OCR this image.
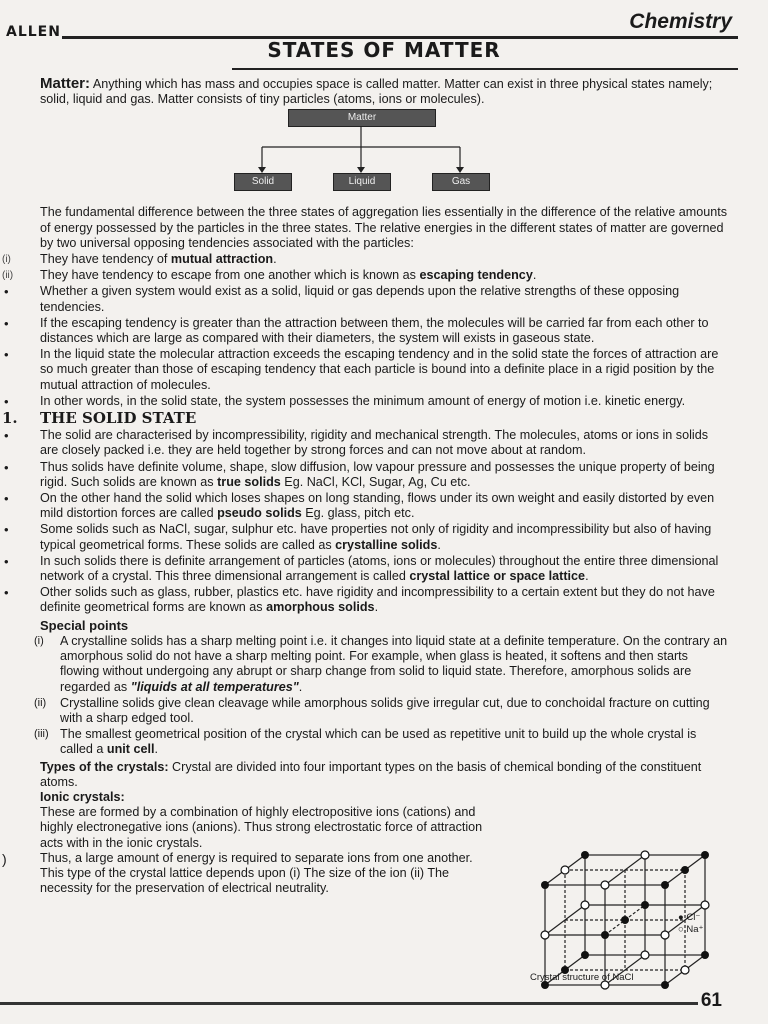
ALLEN	Chemistry
STATES OF MATTER

Matter: Anything which has mass and occupies space is called matter. Matter can exist in three physical states namely; solid, liquid and gas. Matter consists of tiny particles (atoms, ions or molecules).

Matter
Solid	Liquid	Gas

The fundamental difference between the three states of aggregation lies essentially in the difference of the relative amounts of energy possessed by the particles in the three states. The relative energies in the different states of matter are governed by two universal opposing tendencies associated with the particles:

(i) They have tendency of mutual attraction.
(ii) They have tendency to escape from one another which is known as escaping tendency.
• Whether a given system would exist as a solid, liquid or gas depends upon the relative strengths of these opposing tendencies.
• If the escaping tendency is greater than the attraction between them, the molecules will be carried far from each other to distances which are large as compared with their diameters, the system will exists in gaseous state.
• In the liquid state the molecular attraction exceeds the escaping tendency and in the solid state the forces of attraction are so much greater than those of escaping tendency that each particle is bound into a definite place in a rigid position by the mutual attraction of molecules.
• In other words, in the solid state, the system possesses the minimum amount of energy of motion i.e. kinetic energy.
1. THE SOLID STATE
• The solid are characterised by incompressibility, rigidity and mechanical strength. The molecules, atoms or ions in solids are closely packed i.e. they are held together by strong forces and can not move about at random.
• Thus solids have definite volume, shape, slow diffusion, low vapour pressure and possesses the unique property of being rigid. Such solids are known as true solids Eg. NaCl, KCl, Sugar, Ag, Cu etc.
• On the other hand the solid which loses shapes on long standing, flows under its own weight and easily distorted by even mild distortion forces are called pseudo solids Eg. glass, pitch etc.
• Some solids such as NaCl, sugar, sulphur etc. have properties not only of rigidity and incompressibility but also of having typical geometrical forms. These solids are called as crystalline solids.
• In such solids there is definite arrangement of particles (atoms, ions or molecules) throughout the entire three dimensional network of a crystal. This three dimensional arrangement is called crystal lattice or space lattice.
• Other solids such as glass, rubber, plastics etc. have rigidity and incompressibility to a certain extent but they do not have definite geometrical forms are known as amorphous solids.
Special points
(i) A crystalline solids has a sharp melting point i.e. it changes into liquid state at a definite temperature. On the contrary an amorphous solid do not have a sharp melting point. For example, when glass is heated, it softens and then starts flowing without undergoing any abrupt or sharp change from solid to liquid state. Therefore, amorphous solids are regarded as "liquids at all temperatures".
(ii) Crystalline solids give clean cleavage while amorphous solids give irregular cut, due to conchoidal fracture on cutting with a sharp edged tool.
(iii) The smallest geometrical position of the crystal which can be used as repetitive unit to build up the whole crystal is called a unit cell.

Types of the crystals: Crystal are divided into four important types on the basis of chemical bonding of the constituent atoms.

Ionic crystals:

These are formed by a combination of highly electropositive ions (cations) and highly electronegative ions (anions). Thus strong electrostatic force of attraction acts with in the ionic crystals.

Thus, a large amount of energy is required to separate ions from one another. This type of the crystal lattice depends upon (i) The size of the ion (ii) The necessity for the preservation of electrical neutrality.

)
● Cl⁻
○ Na⁺
Crystal structure of NaCl
61
